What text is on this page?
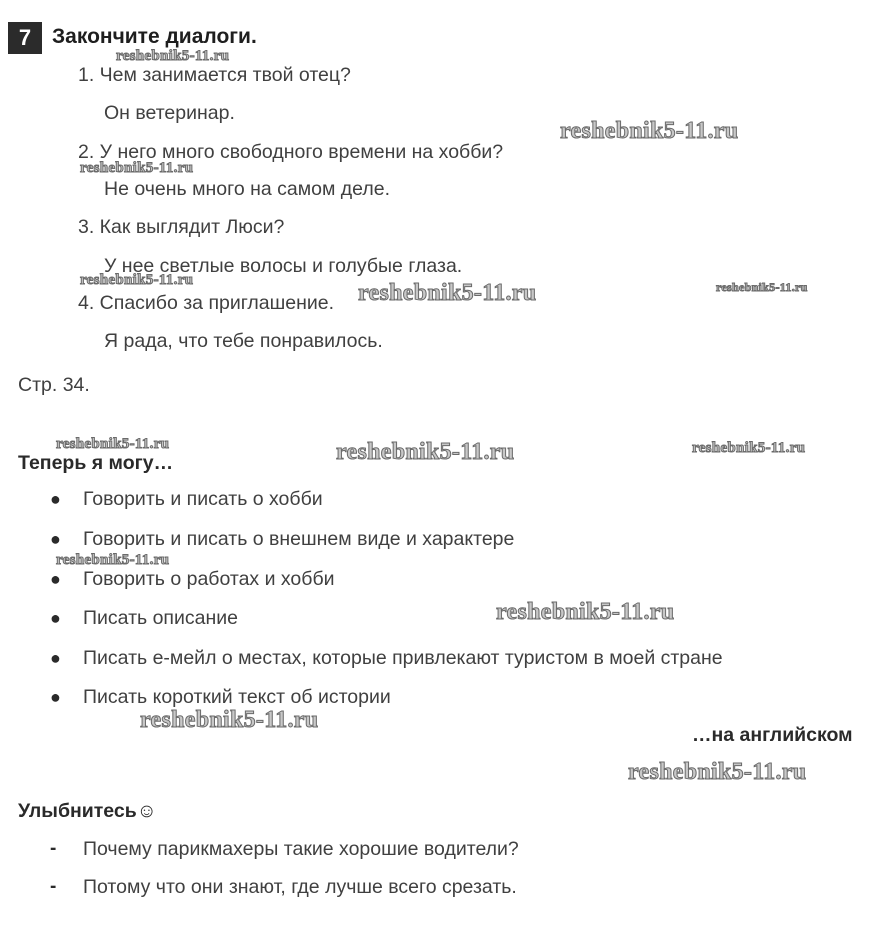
7 Закончите диалоги.
1. Чем занимается твой отец?
Он ветеринар.
2. У него много свободного времени на хобби?
Не очень много на самом деле.
3. Как выглядит Люси?
У нее светлые волосы и голубые глаза.
4. Спасибо за приглашение.
Я рада, что тебе понравилось.
Стр. 34.
Теперь я могу…
● Говорить и писать о хобби
● Говорить и писать о внешнем виде и характере
● Говорить о работах и хобби
● Писать описание
● Писать е-мейл о местах, которые привлекают туристом в моей стране
● Писать короткий текст об истории
…на английском
Улыбнитесь☺
- Почему парикмахеры такие хорошие водители?
- Потому что они знают, где лучше всего срезать.
reshebnik5-11.ru
reshebnik5-11.ru
reshebnik5-11.ru
reshebnik5-11.ru	reshebnik5-11.ru	reshebnik5-11.ru
reshebnik5-11.ru	reshebnik5-11.ru	reshebnik5-11.ru
reshebnik5-11.ru
reshebnik5-11.ru
reshebnik5-11.ru
reshebnik5-11.ru
